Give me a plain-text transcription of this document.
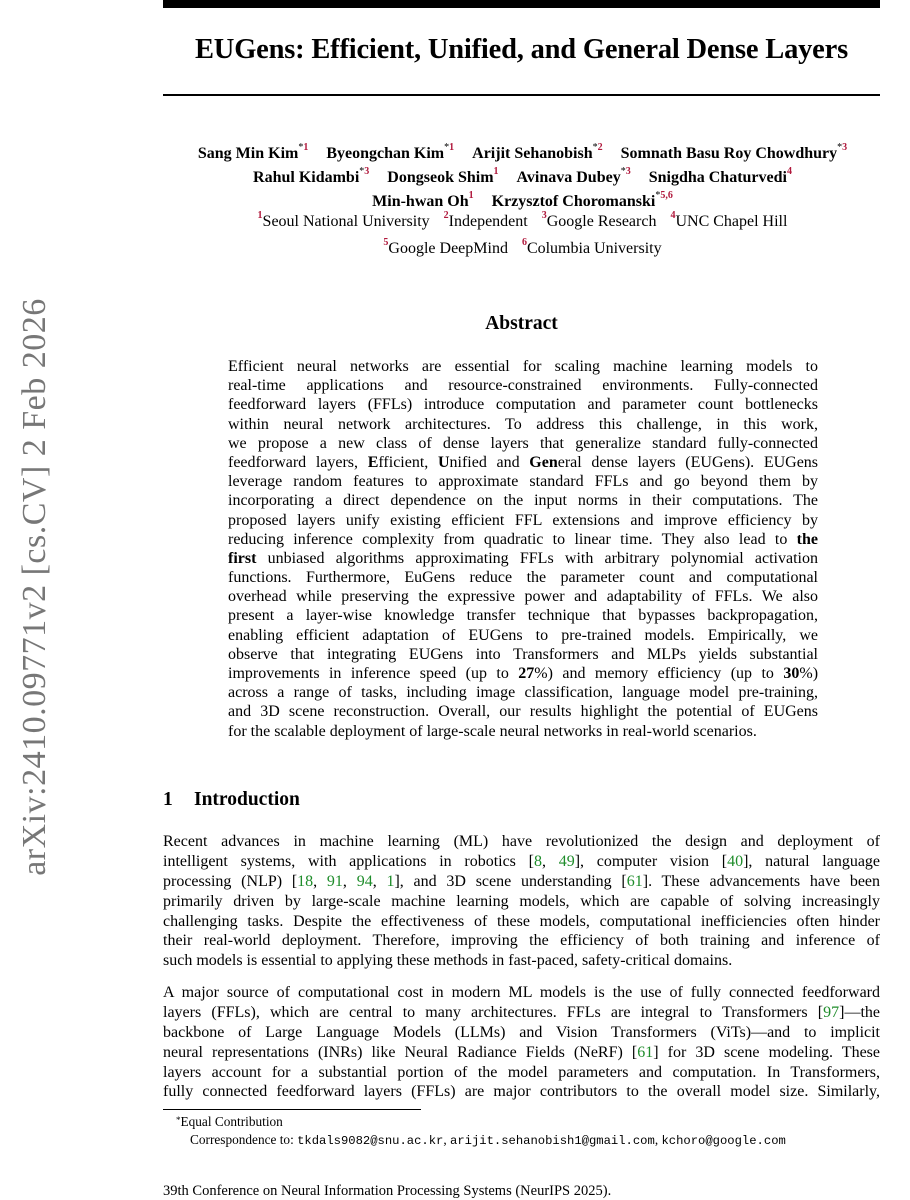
arXiv:2410.09771v2 [cs.CV] 2 Feb 2026
EUGens: Efficient, Unified, and General Dense Layers
Sang Min Kim$^{*1}$ Byeongchan Kim$^{*1}$ Arijit Sehanobish$^{*2}$ Somnath Basu Roy Chowdhury$^{*3}$
Rahul Kidambi$^{*3}$ Dongseok Shim$^1$ Avinava Dubey$^{*3}$ Snigdha Chaturvedi$^4$
Min-hwan Oh$^1$ Krzysztof Choromanski$^{*5,6}$
$^1$Seoul National University $^2$Independent $^3$Google Research $^4$UNC Chapel Hill
$^5$Google DeepMind $^6$Columbia University
Abstract
Efficient neural networks are essential for scaling machine learning models to
real-time applications and resource-constrained environments. Fully-connected
feedforward layers (FFLs) introduce computation and parameter count bottlenecks
within neural network architectures. To address this challenge, in this work,
we propose a new class of dense layers that generalize standard fully-connected
feedforward layers, Efficient, Unified and General dense layers (EUGens). EUGens
leverage random features to approximate standard FFLs and go beyond them by
incorporating a direct dependence on the input norms in their computations. The
proposed layers unify existing efficient FFL extensions and improve efficiency by
reducing inference complexity from quadratic to linear time. They also lead to the
first unbiased algorithms approximating FFLs with arbitrary polynomial activation
functions. Furthermore, EuGens reduce the parameter count and computational
overhead while preserving the expressive power and adaptability of FFLs. We also
present a layer-wise knowledge transfer technique that bypasses backpropagation,
enabling efficient adaptation of EUGens to pre-trained models. Empirically, we
observe that integrating EUGens into Transformers and MLPs yields substantial
improvements in inference speed (up to 27%) and memory efficiency (up to 30%)
across a range of tasks, including image classification, language model pre-training,
and 3D scene reconstruction. Overall, our results highlight the potential of EUGens
for the scalable deployment of large-scale neural networks in real-world scenarios.
1 Introduction
Recent advances in machine learning (ML) have revolutionized the design and deployment of
intelligent systems, with applications in robotics [8, 49], computer vision [40], natural language
processing (NLP) [18, 91, 94, 1], and 3D scene understanding [61]. These advancements have been
primarily driven by large-scale machine learning models, which are capable of solving increasingly
challenging tasks. Despite the effectiveness of these models, computational inefficiencies often hinder
their real-world deployment. Therefore, improving the efficiency of both training and inference of
such models is essential to applying these methods in fast-paced, safety-critical domains.
A major source of computational cost in modern ML models is the use of fully connected feedforward
layers (FFLs), which are central to many architectures. FFLs are integral to Transformers [97]—the
backbone of Large Language Models (LLMs) and Vision Transformers (ViTs)—and to implicit
neural representations (INRs) like Neural Radiance Fields (NeRF) [61] for 3D scene modeling. These
layers account for a substantial portion of the model parameters and computation. In Transformers,
fully connected feedforward layers (FFLs) are major contributors to the overall model size. Similarly,
*Equal Contribution
Correspondence to: tkdals9082@snu.ac.kr, arijit.sehanobish1@gmail.com, kchoro@google.com
39th Conference on Neural Information Processing Systems (NeurIPS 2025).
